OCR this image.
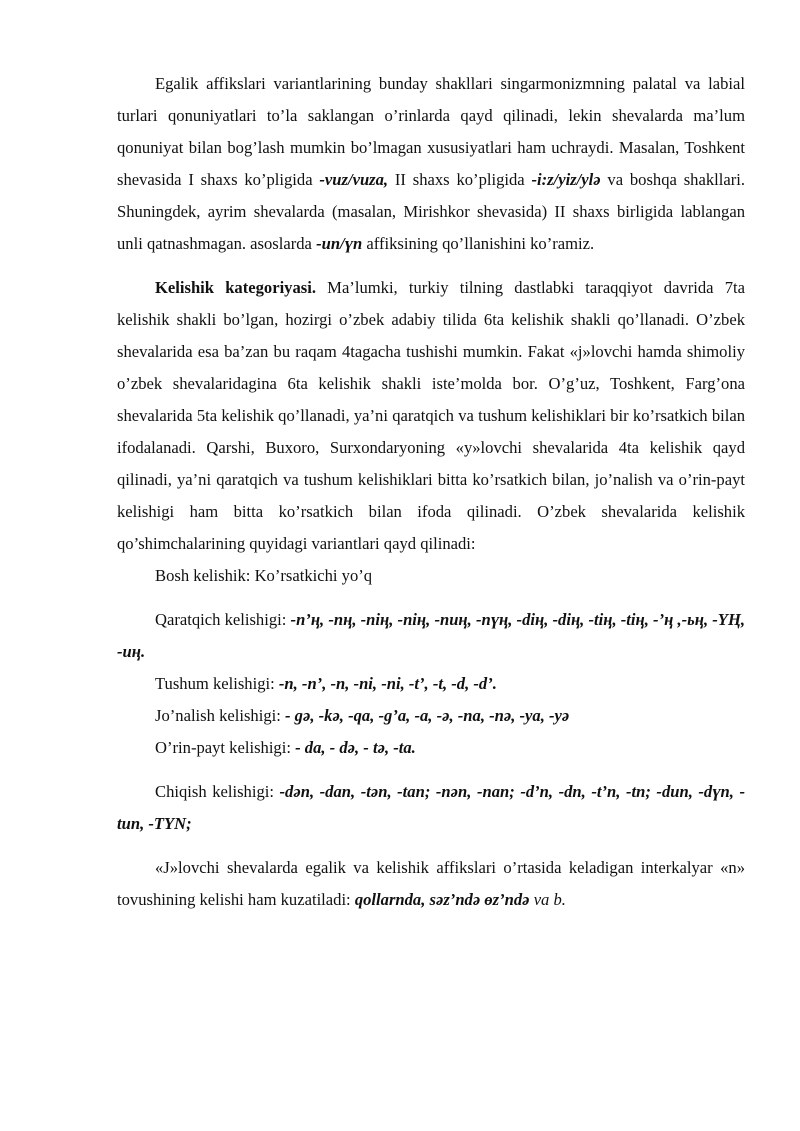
Egalik affikslari variantlarining bunday shakllari singarmonizmning palatal va labial turlari qonuniyatlari to’la saklangan o’rinlarda qayd qilinadi, lekin shevalarda ma’lum qonuniyat bilan bog’lash mumkin bo’lmagan xususiyatlari ham uchraydi. Masalan, Toshkent shevasida I shaxs ko’pligida -vuz/vuza, II shaxs ko’pligida -i:z/yiz/ylə va boshqa shakllari. Shuningdek, ayrim shevalarda (masalan, Mirishkor shevasida) II shaxs birligida lablangan unli qatnashmagan. asoslarda -un/үn affiksining qo’llanishini ko’ramiz.

Kelishik kategoriyasi. Ma’lumki, turkiy tilning dastlabki taraqqiyot davrida 7ta kelishik shakli bo’lgan, hozirgi o’zbek adabiy tilida 6ta kelishik shakli qo’llanadi. O’zbek shevalarida esa ba’zan bu raqam 4tagacha tushishi mumkin. Fakat «j»lovchi hamda shimoliy o’zbek shevalaridagina 6ta kelishik shakli iste’molda bor. O’g’uz, Toshkent, Farg’ona shevalarida 5ta kelishik qo’llanadi, ya’ni qaratqich va tushum kelishiklari bir ko’rsatkich bilan ifodalanadi. Qarshi, Buxoro, Surxondaryoning «y»lovchi shevalarida 4ta kelishik qayd qilinadi, ya’ni qaratqich va tushum kelishiklari bitta ko’rsatkich bilan, jo’nalish va o’rin-payt kelishigi ham bitta ko’rsatkich bilan ifoda qilinadi. O’zbek shevalarida kelishik qo’shimchalarining quyidagi variantlari qayd qilinadi:

Bosh kelishik: Ko’rsatkichi yo’q

Qaratqich kelishigi: -n’ң, -nң, -niң, -niң, -nuң, -nүң, -diң, -diң, -tiң, -tiң, -’ң ,-ьң, -ҮҢ, -uң.

Tushum kelishigi: -n, -n’, -n, -ni, -ni, -t’, -t, -d, -d’.

Jo’nalish kelishigi: - gə, -kə, -qa, -g’a, -a, -ə, -na, -nə, -ya, -yə

O’rin-payt kelishigi: - da, - də, - tə, -ta.

Chiqish kelishigi: -dən, -dan, -tən, -tan; -nən, -nan; -d’n, -dn, -t’n, -tn; -dun, -dүn, -tun, -ТҮN;

«J»lovchi shevalarda egalik va kelishik affikslari o’rtasida keladigan interkalyar «n» tovushining kelishi ham kuzatiladi: qollarnda, səz’ndə өz’ndə va b.
